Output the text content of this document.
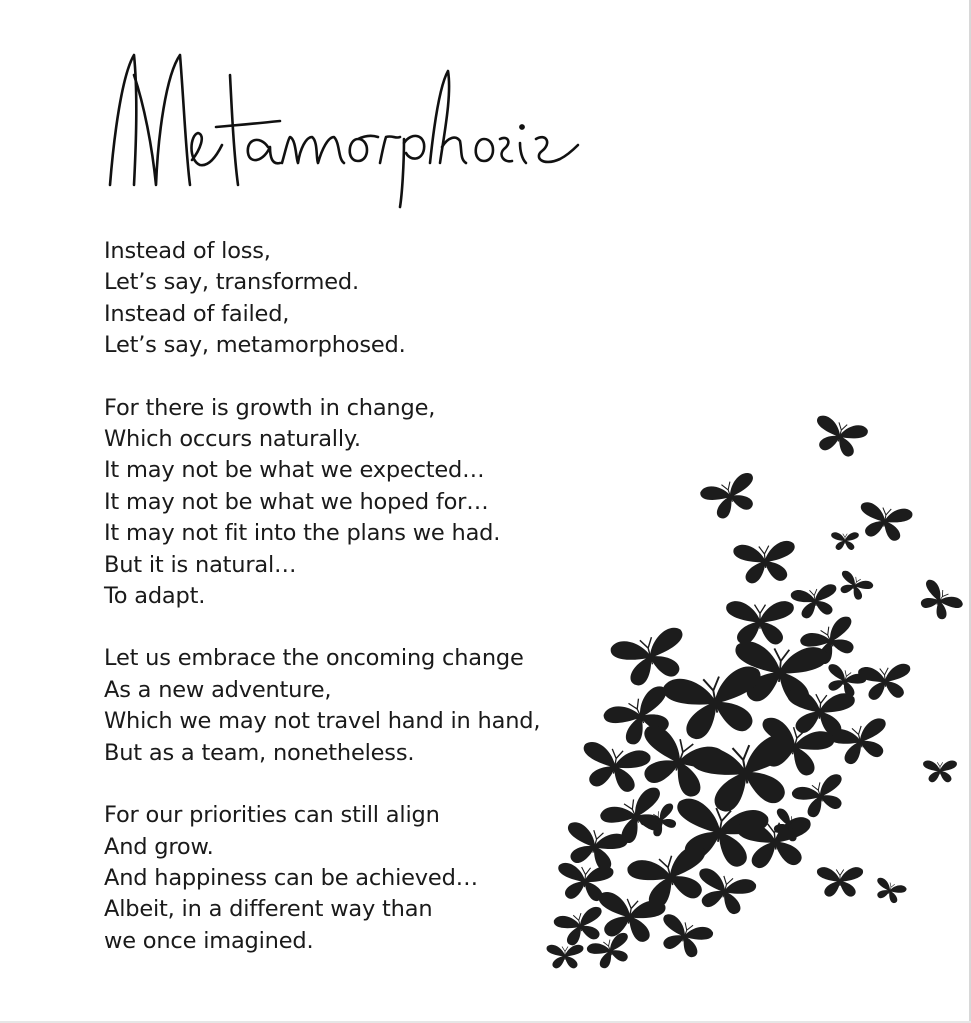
Instead of loss,
Let’s say, transformed.
Instead of failed,
Let’s say, metamorphosed.
For there is growth in change,
Which occurs naturally.
It may not be what we expected…
It may not be what we hoped for…
It may not fit into the plans we had.
But it is natural…
To adapt.
Let us embrace the oncoming change
As a new adventure,
Which we may not travel hand in hand,
But as a team, nonetheless.
For our priorities can still align
And grow.
And happiness can be achieved…
Albeit, in a different way than
we once imagined.
